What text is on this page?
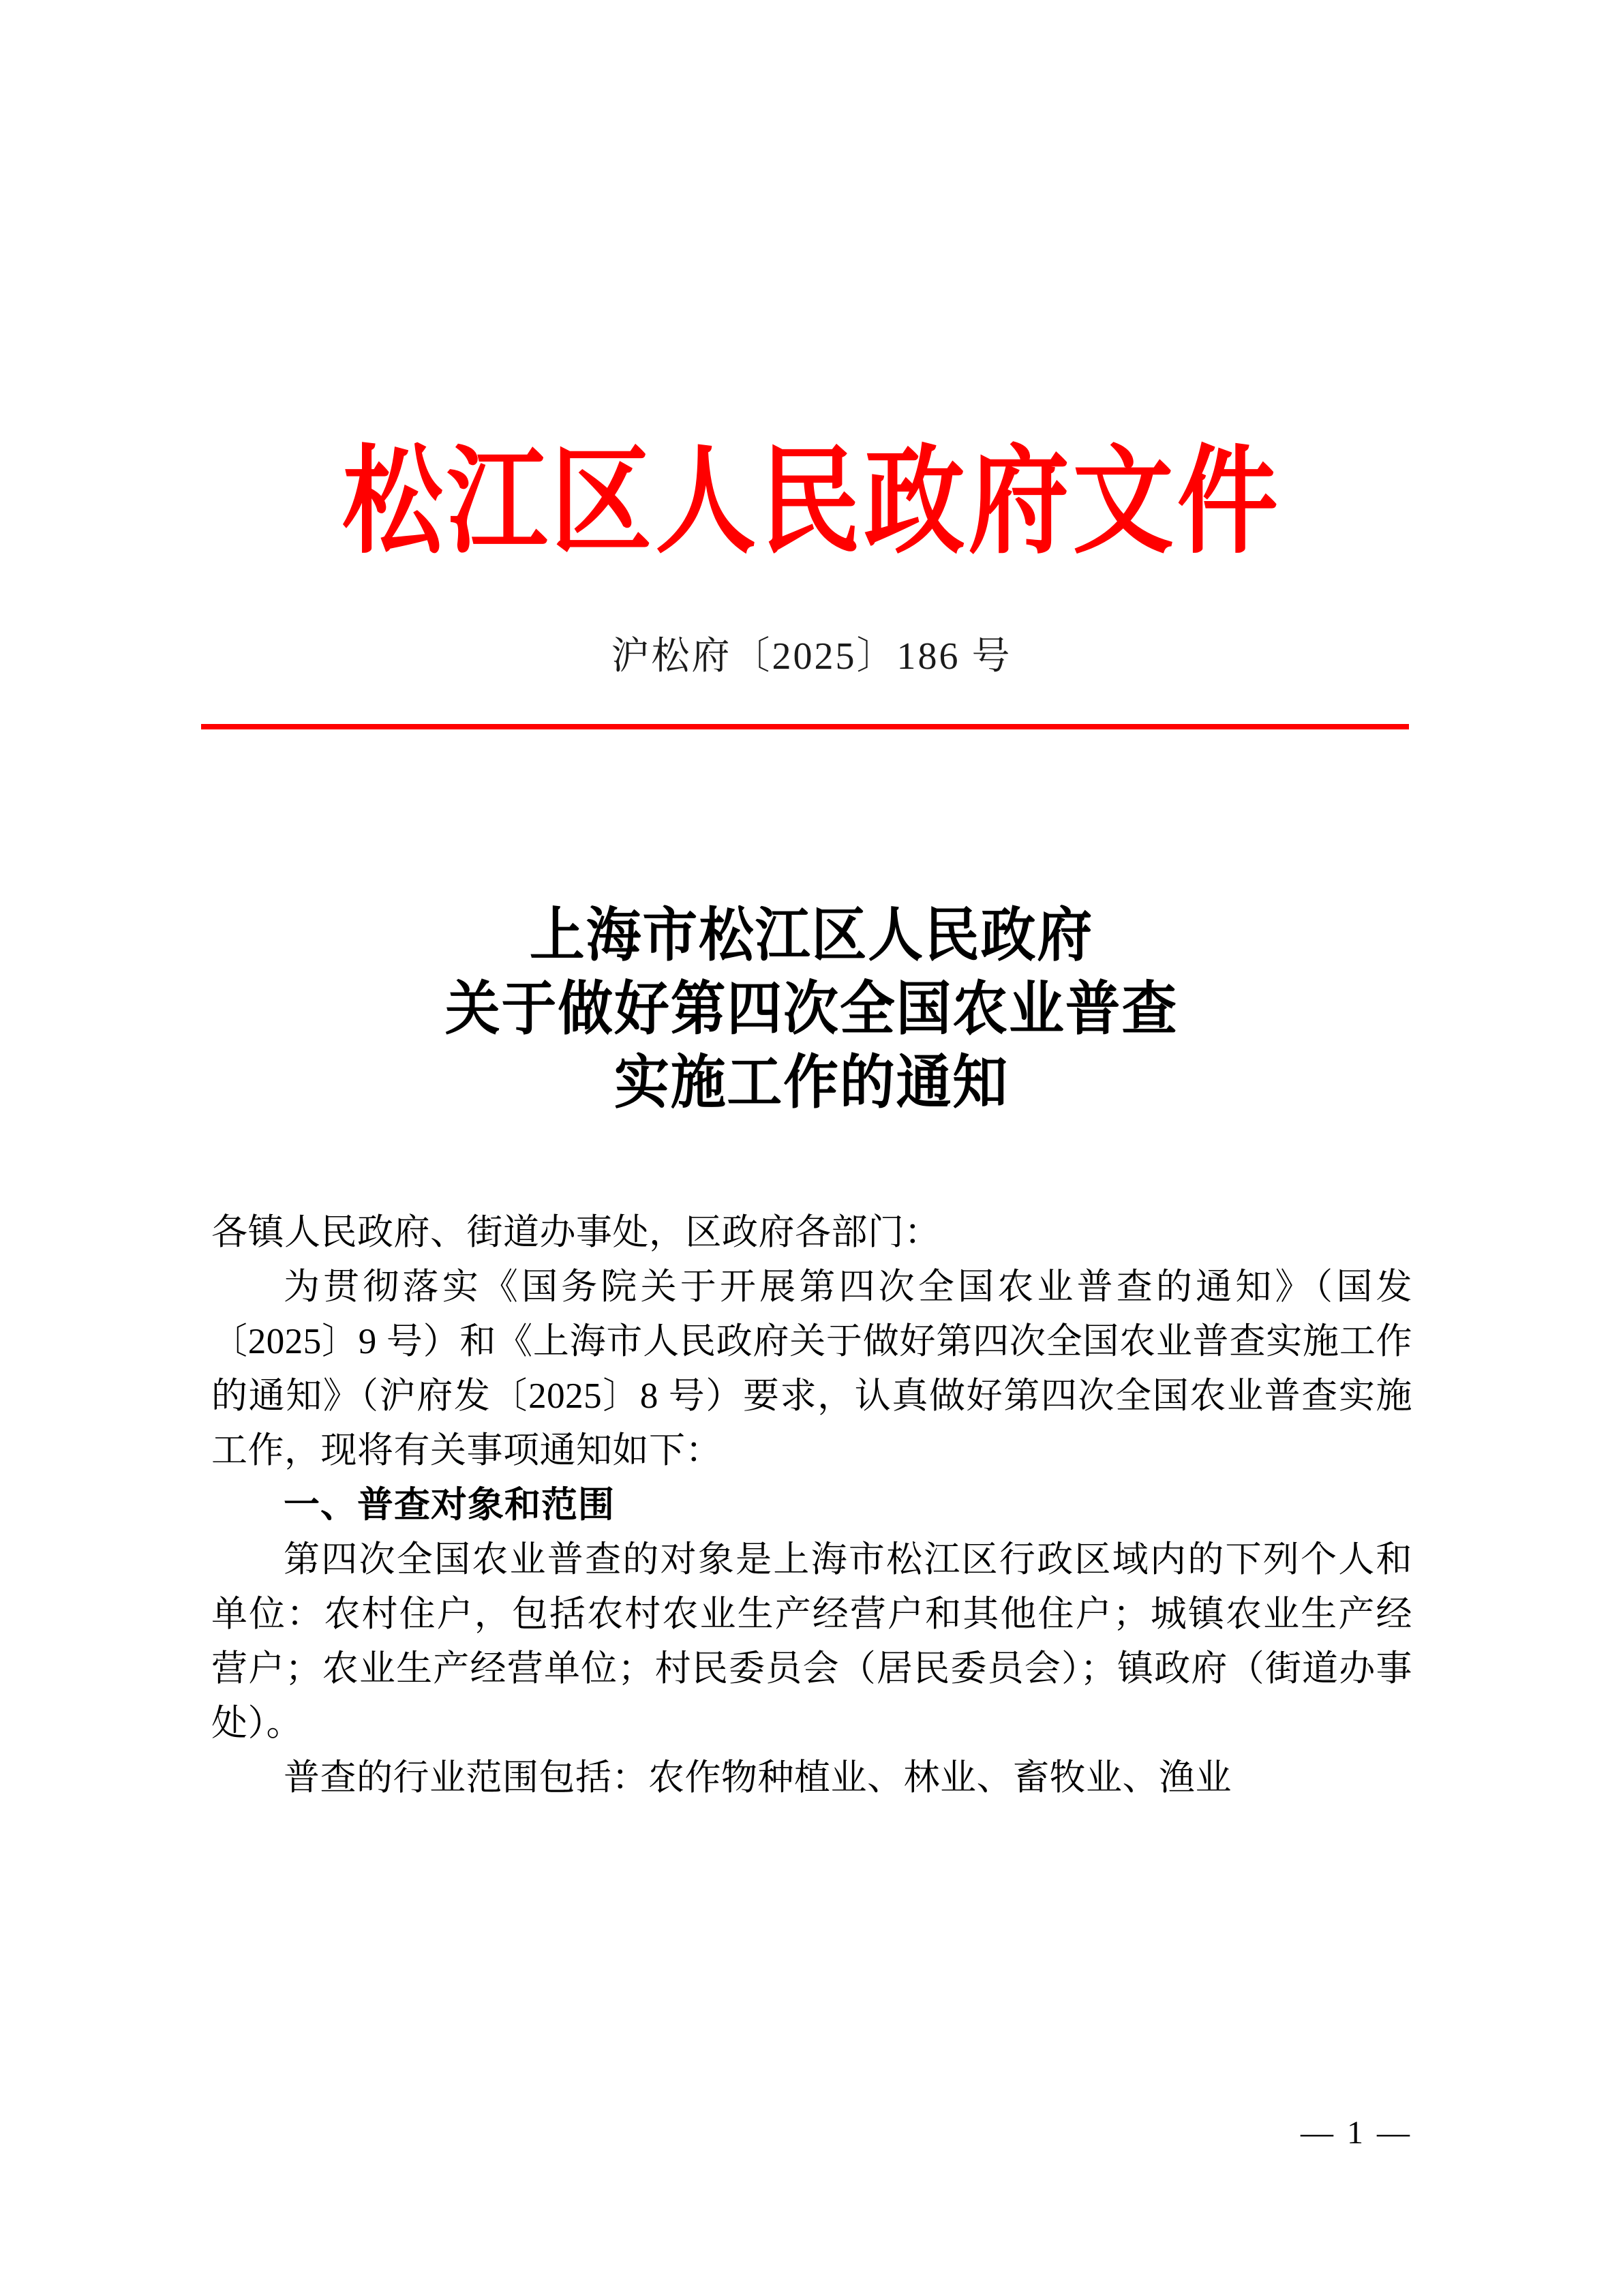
松江区人民政府文件
沪松府〔2025〕186 号
上海市松江区人民政府
关于做好第四次全国农业普查
实施工作的通知

各镇人民政府、街道办事处，区政府各部门：

为贯彻落实《国务院关于开展第四次全国农业普查的通知》（国发〔2025〕9 号）和《上海市人民政府关于做好第四次全国农业普查实施工作的通知》（沪府发〔2025〕8 号）要求，认真做好第四次全国农业普查实施工作，现将有关事项通知如下：

一、普查对象和范围

第四次全国农业普查的对象是上海市松江区行政区域内的下列个人和单位：农村住户，包括农村农业生产经营户和其他住户；城镇农业生产经营户；农业生产经营单位；村民委员会（居民委员会）；镇政府（街道办事处）。

普查的行业范围包括：农作物种植业、林业、畜牧业、渔业

— 1 —
